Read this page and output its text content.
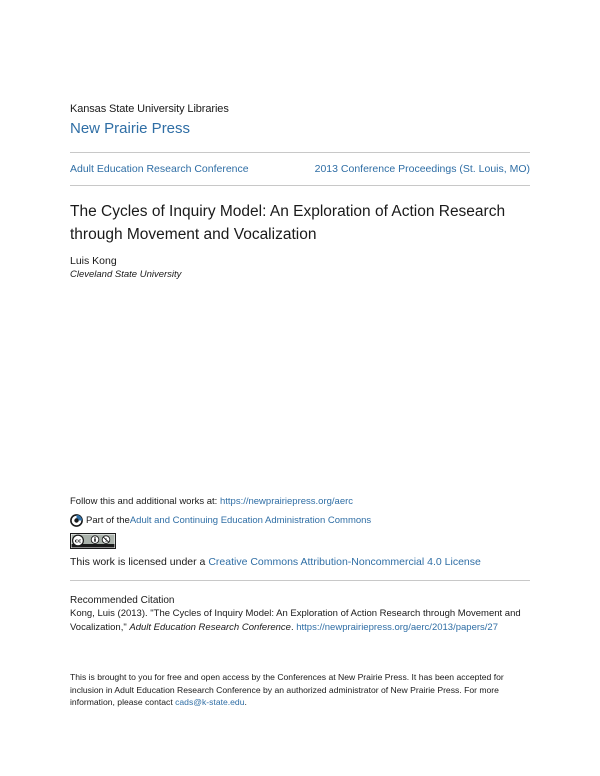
Kansas State University Libraries
New Prairie Press
Adult Education Research Conference	2013 Conference Proceedings (St. Louis, MO)
The Cycles of Inquiry Model: An Exploration of Action Research
through Movement and Vocalization
Luis Kong
Cleveland State University
Follow this and additional works at: https://newprairiepress.org/aerc
Part of the Adult and Continuing Education Administration Commons
cc	$
This work is licensed under a Creative Commons Attribution-Noncommercial 4.0 License
Recommended Citation
Kong, Luis (2013). "The Cycles of Inquiry Model: An Exploration of Action Research through Movement and Vocalization," Adult Education Research Conference. https://newprairiepress.org/aerc/2013/papers/27
This is brought to you for free and open access by the Conferences at New Prairie Press. It has been accepted for inclusion in Adult Education Research Conference by an authorized administrator of New Prairie Press. For more information, please contact cads@k-state.edu.
